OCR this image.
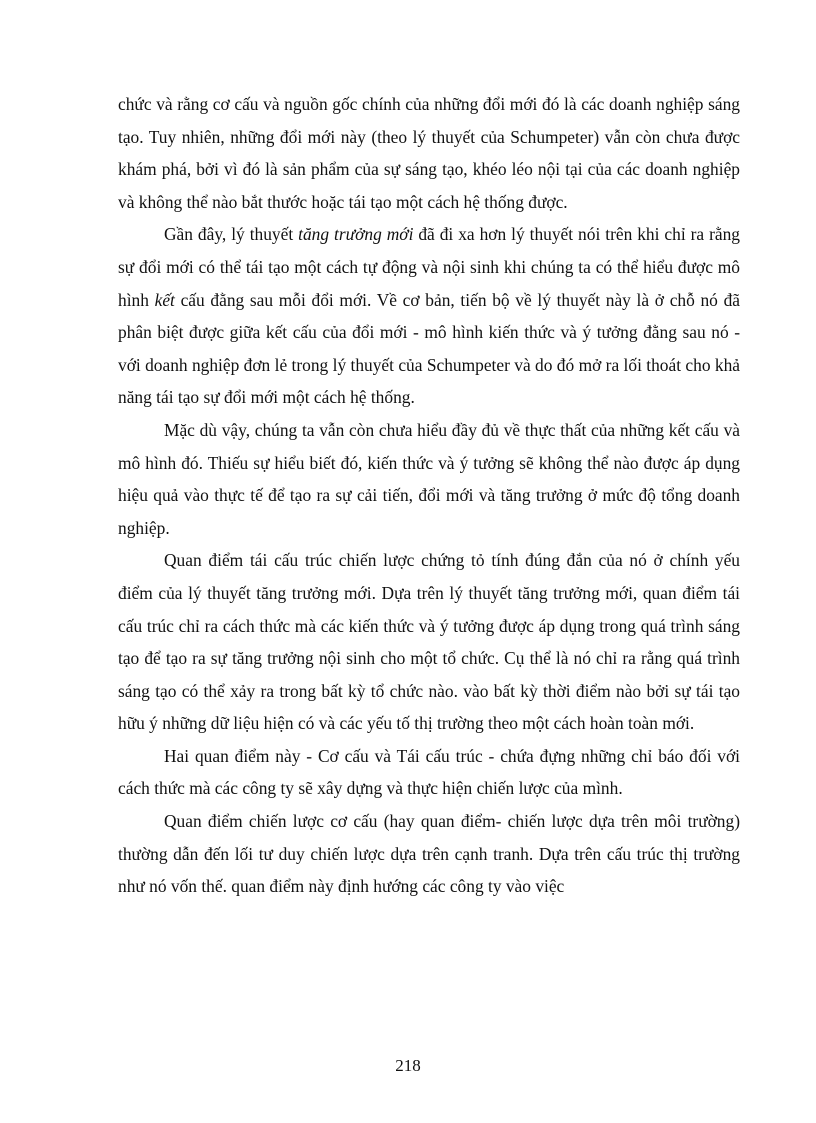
chức và rằng cơ cấu và nguồn gốc chính của những đổi mới đó là các doanh nghiệp sáng tạo. Tuy nhiên, những đổi mới này (theo lý thuyết của Schumpeter) vẫn còn chưa được khám phá, bởi vì đó là sản phẩm của sự sáng tạo, khéo léo nội tại của các doanh nghiệp và không thể nào bắt thước hoặc tái tạo một cách hệ thống được.

Gần đây, lý thuyết tăng trưởng mới đã đi xa hơn lý thuyết nói trên khi chỉ ra rằng sự đổi mới có thể tái tạo một cách tự động và nội sinh khi chúng ta có thể hiểu được mô hình kết cấu đằng sau mỗi đổi mới. Về cơ bản, tiến bộ về lý thuyết này là ở chỗ nó đã phân biệt được giữa kết cấu của đổi mới - mô hình kiến thức và ý tưởng đằng sau nó - với doanh nghiệp đơn lẻ trong lý thuyết của Schumpeter và do đó mở ra lối thoát cho khả năng tái tạo sự đổi mới một cách hệ thống.

Mặc dù vậy, chúng ta vẫn còn chưa hiểu đầy đủ về thực thất của những kết cấu và mô hình đó. Thiếu sự hiểu biết đó, kiến thức và ý tưởng sẽ không thể nào được áp dụng hiệu quả vào thực tế để tạo ra sự cải tiến, đổi mới và tăng trưởng ở mức độ tổng doanh nghiệp.

Quan điểm tái cấu trúc chiến lược chứng tỏ tính đúng đắn của nó ở chính yếu điểm của lý thuyết tăng trưởng mới. Dựa trên lý thuyết tăng trưởng mới, quan điểm tái cấu trúc chỉ ra cách thức mà các kiến thức và ý tưởng được áp dụng trong quá trình sáng tạo để tạo ra sự tăng trưởng nội sinh cho một tổ chức. Cụ thể là nó chỉ ra rằng quá trình sáng tạo có thể xảy ra trong bất kỳ tổ chức nào. vào bất kỳ thời điểm nào bởi sự tái tạo hữu ý những dữ liệu hiện có và các yếu tố thị trường theo một cách hoàn toàn mới.

Hai quan điểm này - Cơ cấu và Tái cấu trúc - chứa đựng những chỉ báo đối với cách thức mà các công ty sẽ xây dựng và thực hiện chiến lược của mình.

Quan điểm chiến lược cơ cấu (hay quan điểm- chiến lược dựa trên môi trường) thường dẫn đến lối tư duy chiến lược dựa trên cạnh tranh. Dựa trên cấu trúc thị trường như nó vốn thế. quan điểm này định hướng các công ty vào việc

218
